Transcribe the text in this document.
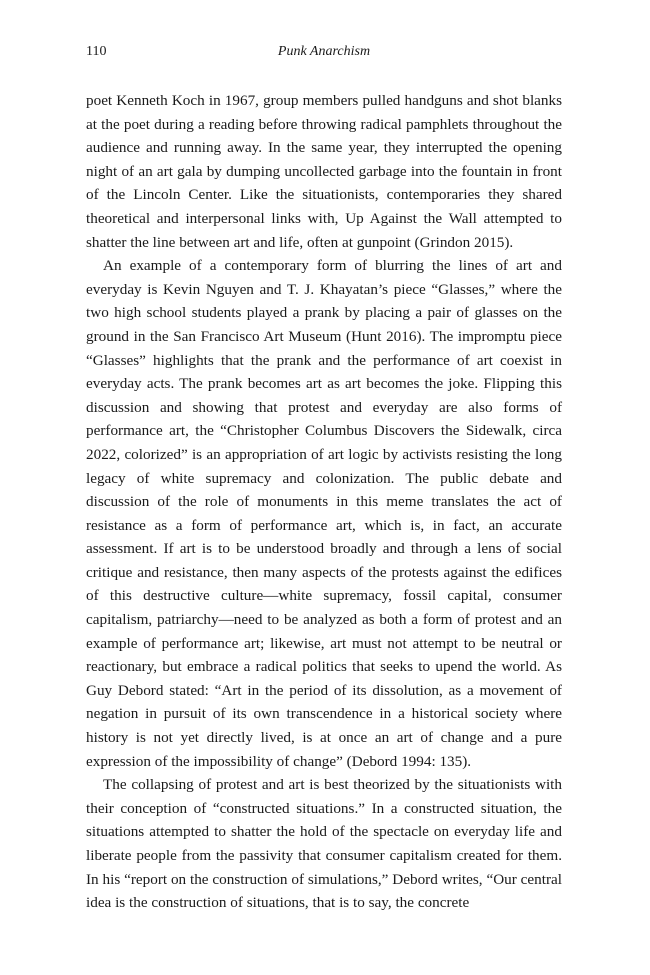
110	Punk Anarchism

poet Kenneth Koch in 1967, group members pulled handguns and shot blanks at the poet during a reading before throwing radical pamphlets throughout the audience and running away. In the same year, they interrupted the opening night of an art gala by dumping uncollected garbage into the fountain in front of the Lincoln Center. Like the situationists, contemporaries they shared theoretical and interpersonal links with, Up Against the Wall attempted to shatter the line between art and life, often at gunpoint (Grindon 2015).

An example of a contemporary form of blurring the lines of art and everyday is Kevin Nguyen and T. J. Khayatan’s piece “Glasses,” where the two high school students played a prank by placing a pair of glasses on the ground in the San Francisco Art Museum (Hunt 2016). The impromptu piece “Glasses” highlights that the prank and the performance of art coexist in everyday acts. The prank becomes art as art becomes the joke. Flipping this discussion and showing that protest and everyday are also forms of performance art, the “Christopher Columbus Discovers the Sidewalk, circa 2022, colorized” is an appropriation of art logic by activists resisting the long legacy of white supremacy and colonization. The public debate and discussion of the role of monuments in this meme translates the act of resistance as a form of performance art, which is, in fact, an accurate assessment. If art is to be understood broadly and through a lens of social critique and resistance, then many aspects of the protests against the edifices of this destructive culture—white supremacy, fossil capital, consumer capitalism, patriarchy—need to be analyzed as both a form of protest and an example of performance art; likewise, art must not attempt to be neutral or reactionary, but embrace a radical politics that seeks to upend the world. As Guy Debord stated: “Art in the period of its dissolution, as a movement of negation in pursuit of its own transcendence in a historical society where history is not yet directly lived, is at once an art of change and a pure expression of the impossibility of change” (Debord 1994: 135).

The collapsing of protest and art is best theorized by the situationists with their conception of “constructed situations.” In a constructed situation, the situations attempted to shatter the hold of the spectacle on everyday life and liberate people from the passivity that consumer capitalism created for them. In his “report on the construction of simulations,” Debord writes, “Our central idea is the construction of situations, that is to say, the concrete
